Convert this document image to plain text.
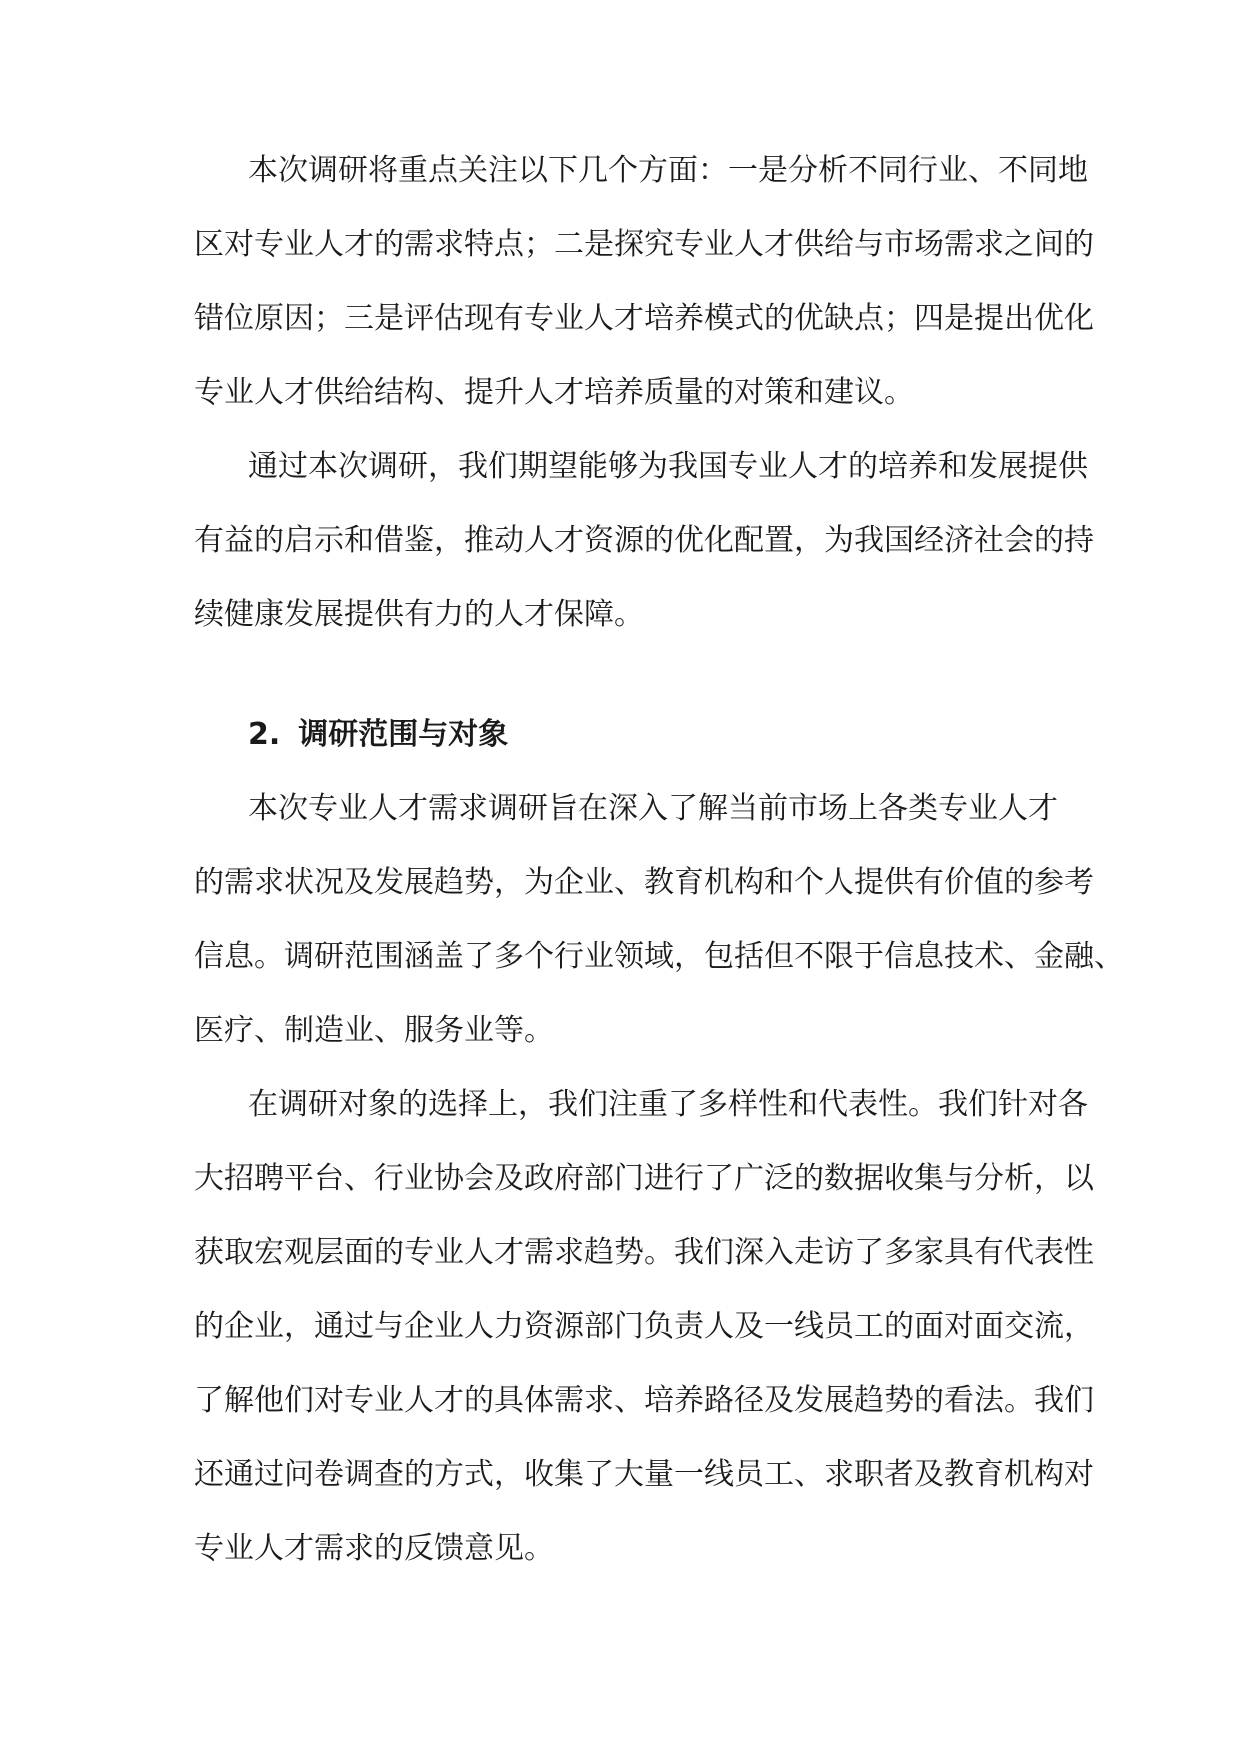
本次调研将重点关注以下几个方面：一是分析不同行业、不同地
区对专业人才的需求特点；二是探究专业人才供给与市场需求之间的
错位原因；三是评估现有专业人才培养模式的优缺点；四是提出优化
专业人才供给结构、提升人才培养质量的对策和建议。
通过本次调研，我们期望能够为我国专业人才的培养和发展提供
有益的启示和借鉴，推动人才资源的优化配置，为我国经济社会的持
续健康发展提供有力的人才保障。
2. 调研范围与对象
本次专业人才需求调研旨在深入了解当前市场上各类专业人才
的需求状况及发展趋势，为企业、教育机构和个人提供有价值的参考
信息。调研范围涵盖了多个行业领域，包括但不限于信息技术、金融、
医疗、制造业、服务业等。
在调研对象的选择上，我们注重了多样性和代表性。我们针对各
大招聘平台、行业协会及政府部门进行了广泛的数据收集与分析，以
获取宏观层面的专业人才需求趋势。我们深入走访了多家具有代表性
的企业，通过与企业人力资源部门负责人及一线员工的面对面交流，
了解他们对专业人才的具体需求、培养路径及发展趋势的看法。我们
还通过问卷调查的方式，收集了大量一线员工、求职者及教育机构对
专业人才需求的反馈意见。
